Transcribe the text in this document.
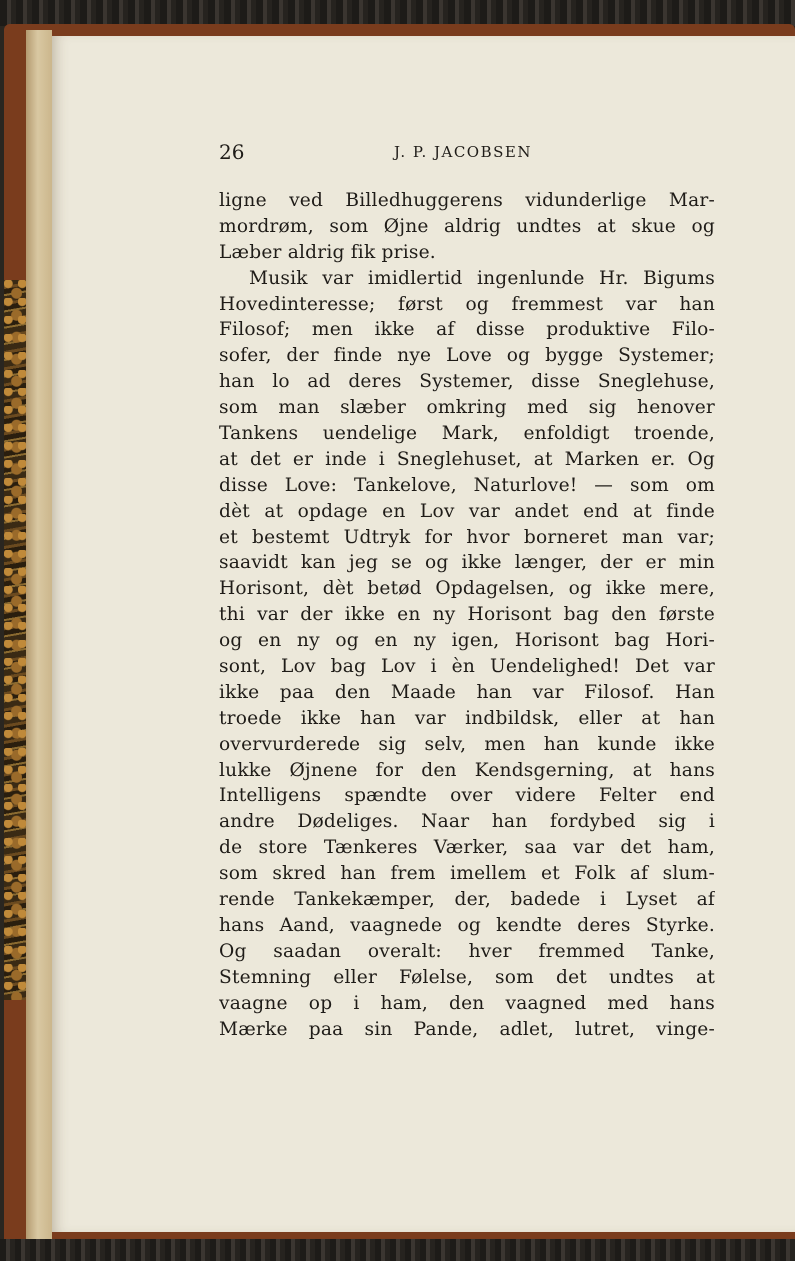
26	J. P. JACOBSEN
ligne ved Billedhuggerens vidunderlige Mar-
mordrøm, som Øjne aldrig undtes at skue og
Læber aldrig fik prise.
Musik var imidlertid ingenlunde Hr. Bigums
Hovedinteresse; først og fremmest var han
Filosof; men ikke af disse produktive Filo-
sofer, der finde nye Love og bygge Systemer;
han lo ad deres Systemer, disse Sneglehuse,
som man slæber omkring med sig henover
Tankens uendelige Mark, enfoldigt troende,
at det er inde i Sneglehuset, at Marken er. Og
disse Love: Tankelove, Naturlove! — som om
dèt at opdage en Lov var andet end at finde
et bestemt Udtryk for hvor borneret man var;
saavidt kan jeg se og ikke længer, der er min
Horisont, dèt betød Opdagelsen, og ikke mere,
thi var der ikke en ny Horisont bag den første
og en ny og en ny igen, Horisont bag Hori-
sont, Lov bag Lov i èn Uendelighed! Det var
ikke paa den Maade han var Filosof. Han
troede ikke han var indbildsk, eller at han
overvurderede sig selv, men han kunde ikke
lukke Øjnene for den Kendsgerning, at hans
Intelligens spændte over videre Felter end
andre Dødeliges. Naar han fordybed sig i
de store Tænkeres Værker, saa var det ham,
som skred han frem imellem et Folk af slum-
rende Tankekæmper, der, badede i Lyset af
hans Aand, vaagnede og kendte deres Styrke.
Og saadan overalt: hver fremmed Tanke,
Stemning eller Følelse, som det undtes at
vaagne op i ham, den vaagned med hans
Mærke paa sin Pande, adlet, lutret, vinge-
